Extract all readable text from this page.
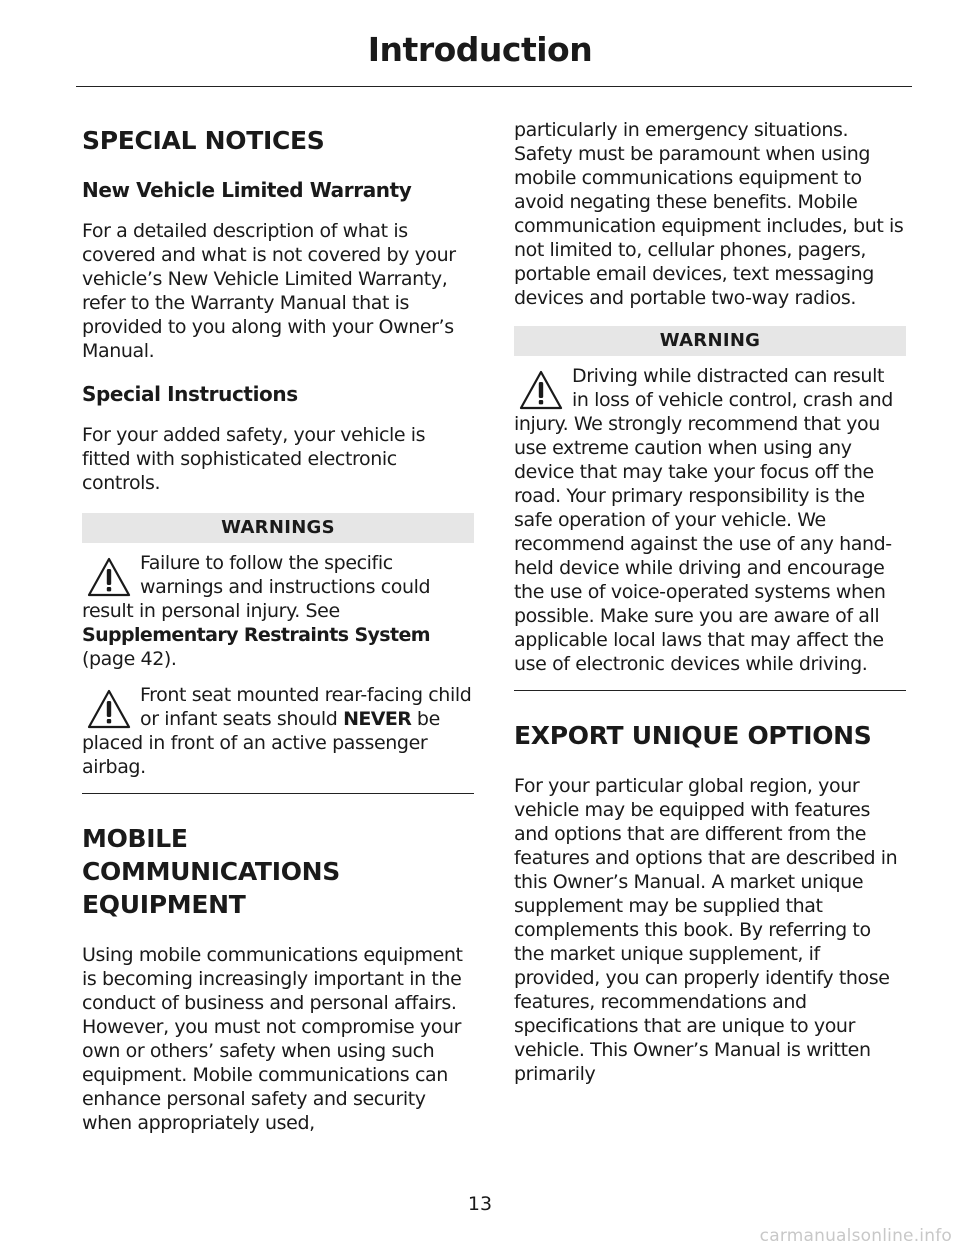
Introduction
SPECIAL NOTICES
New Vehicle Limited Warranty

For a detailed description of what is covered and what is not covered by your vehicle’s New Vehicle Limited Warranty, refer to the Warranty Manual that is provided to you along with your Owner’s Manual.

Special Instructions

For your added safety, your vehicle is fitted with sophisticated electronic controls.

WARNINGS
Failure to follow the specific warnings and instructions could result in personal injury. See Supplementary Restraints System (page 42).
Front seat mounted rear-facing child or infant seats should NEVER be placed in front of an active passenger airbag.
MOBILE
COMMUNICATIONS
EQUIPMENT

Using mobile communications equipment is becoming increasingly important in the conduct of business and personal affairs. However, you must not compromise your own or others’ safety when using such equipment. Mobile communications can enhance personal safety and security when appropriately used,

particularly in emergency situations. Safety must be paramount when using mobile communications equipment to avoid negating these benefits. Mobile communication equipment includes, but is not limited to, cellular phones, pagers, portable email devices, text messaging devices and portable two-way radios.

WARNING
Driving while distracted can result in loss of vehicle control, crash and injury. We strongly recommend that you use extreme caution when using any device that may take your focus off the road. Your primary responsibility is the safe operation of your vehicle. We recommend against the use of any hand-held device while driving and encourage the use of voice-operated systems when possible. Make sure you are aware of all applicable local laws that may affect the use of electronic devices while driving.
EXPORT UNIQUE OPTIONS

For your particular global region, your vehicle may be equipped with features and options that are different from the features and options that are described in this Owner’s Manual. A market unique supplement may be supplied that complements this book. By referring to the market unique supplement, if provided, you can properly identify those features, recommendations and specifications that are unique to your vehicle. This Owner’s Manual is written primarily

13
carmanualsonline.info
